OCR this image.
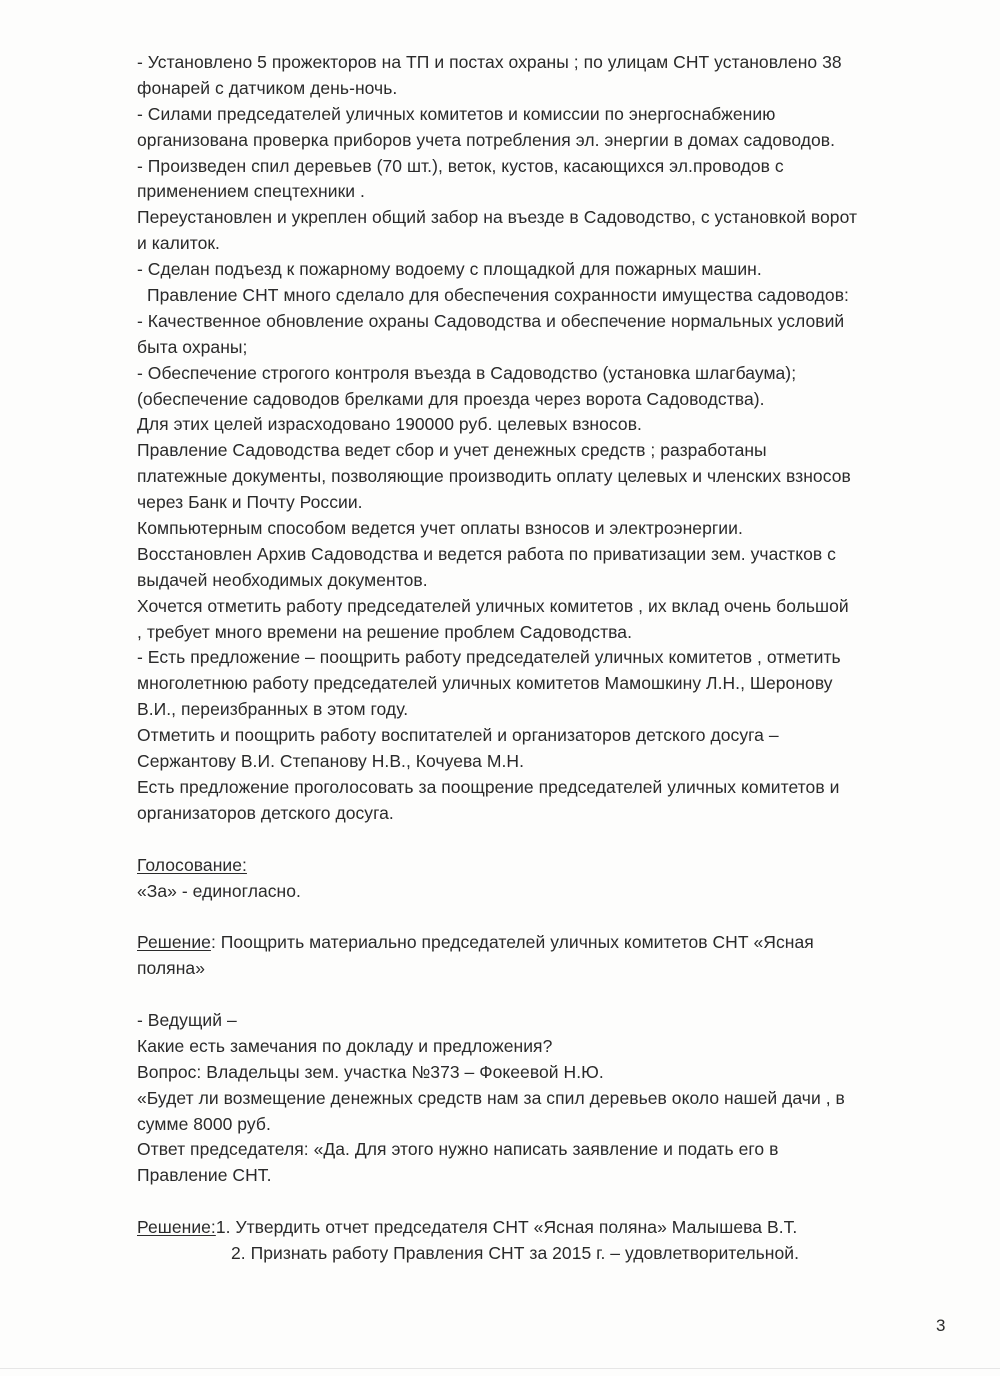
- Установлено 5 прожекторов на ТП и постах охраны ; по улицам СНТ установлено 38
фонарей с датчиком день-ночь.
- Силами председателей уличных комитетов и комиссии по энергоснабжению
организована проверка приборов учета потребления эл. энергии в домах садоводов.
- Произведен спил деревьев (70 шт.), веток, кустов, касающихся эл.проводов с
применением спецтехники .
Переустановлен и укреплен общий забор на въезде в Садоводство, с установкой ворот
и калиток.
- Сделан подъезд к пожарному водоему с площадкой для пожарных машин.
Правление СНТ много сделало для обеспечения сохранности имущества садоводов:
- Качественное обновление охраны Садоводства и обеспечение нормальных условий
быта охраны;
- Обеспечение строгого контроля въезда в Садоводство (установка шлагбаума);
(обеспечение садоводов брелками для проезда через ворота Садоводства).
Для этих целей израсходовано 190000 руб. целевых взносов.
Правление Садоводства ведет сбор и учет денежных средств ; разработаны
платежные документы, позволяющие производить оплату целевых и членских взносов
через Банк и Почту России.
Компьютерным способом ведется учет оплаты взносов и электроэнергии.
Восстановлен Архив Садоводства и ведется работа по приватизации зем. участков с
выдачей необходимых документов.
Хочется отметить работу председателей уличных комитетов , их вклад очень большой
, требует много времени на решение проблем Садоводства.
- Есть предложение – поощрить работу председателей уличных комитетов , отметить
многолетнюю работу председателей уличных комитетов Мамошкину Л.Н., Шеронову
В.И., переизбранных в этом году.
Отметить и поощрить работу воспитателей и организаторов детского досуга –
Сержантову В.И. Степанову Н.В., Кочуева М.Н.
Есть предложение проголосовать за поощрение председателей уличных комитетов и
организаторов детского досуга.
Голосование:
«За» - единогласно.
Решение: Поощрить материально председателей уличных комитетов СНТ «Ясная
поляна»
- Ведущий –
Какие есть замечания по докладу и предложения?
Вопрос: Владельцы зем. участка №373 – Фокеевой Н.Ю.
«Будет ли возмещение денежных средств нам за спил деревьев около нашей дачи , в
сумме 8000 руб.
Ответ председателя: «Да. Для этого нужно написать заявление и подать его в
Правление СНТ.
Решение:1. Утвердить отчет председателя СНТ «Ясная поляна» Малышева В.Т.
2. Признать работу Правления СНТ за 2015 г. – удовлетворительной.
3
